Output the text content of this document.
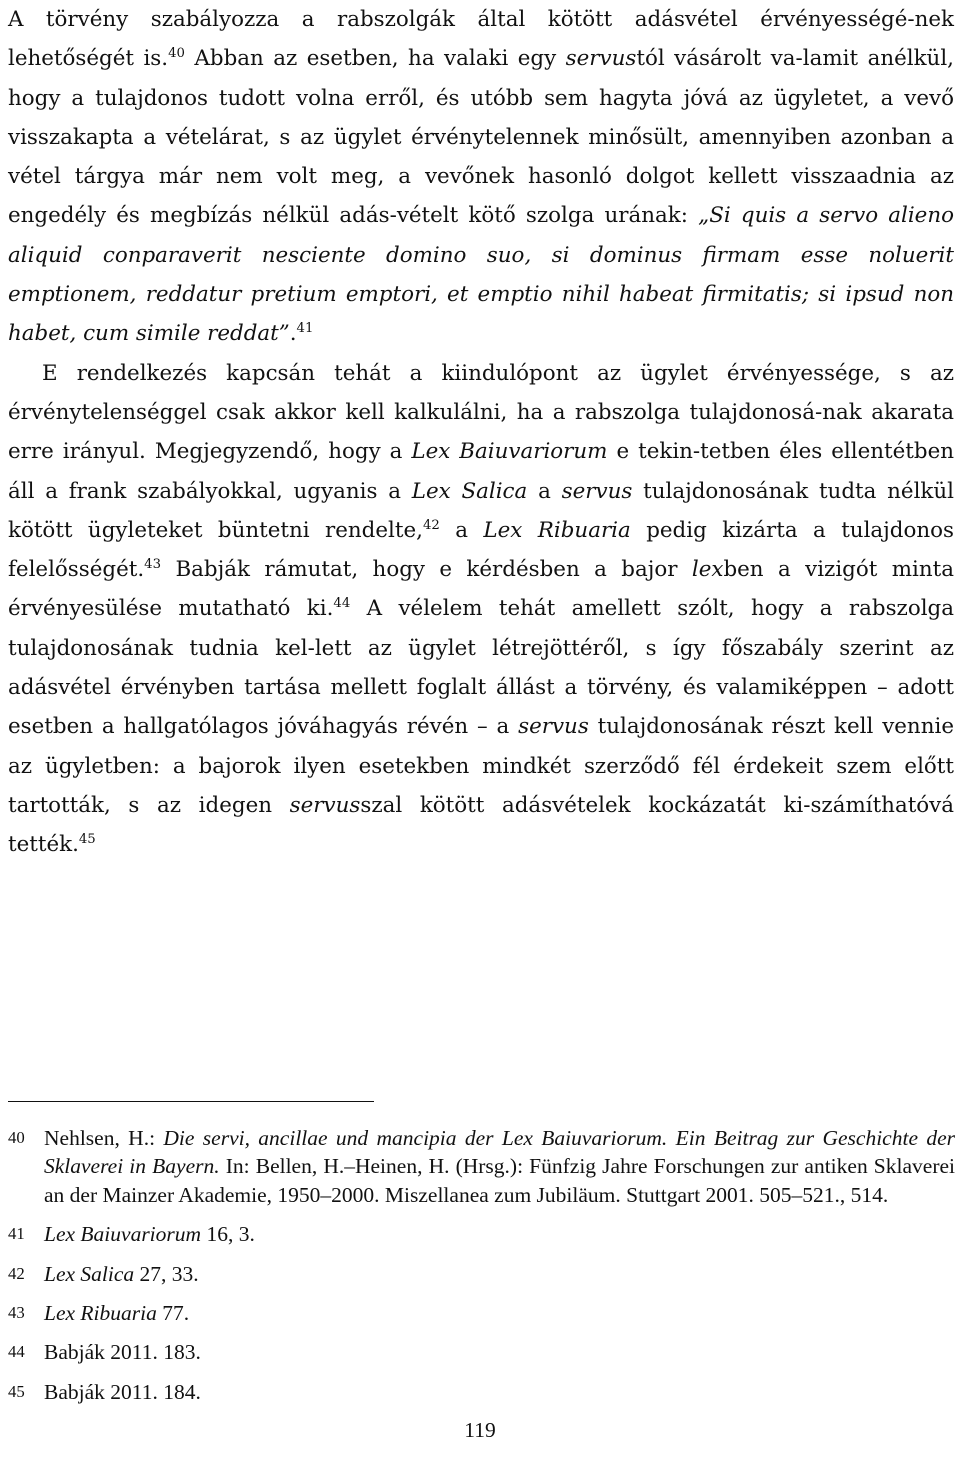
A törvény szabályozza a rabszolgák által kötött adásvétel érvényességé-nek lehetőségét is.$^{40}$ Abban az esetben, ha valaki egy servustól vásárolt va-lamit anélkül, hogy a tulajdonos tudott volna erről, és utóbb sem hagyta jóvá az ügyletet, a vevő visszakapta a vételárat, s az ügylet érvénytelennek minősült, amennyiben azonban a vétel tárgya már nem volt meg, a vevőnek hasonló dolgot kellett visszaadnia az engedély és megbízás nélkül adás-vételt kötő szolga urának: „Si quis a servo alieno aliquid conparaverit nesciente domino suo, si dominus firmam esse noluerit emptionem, reddatur pretium emptori, et emptio nihil habeat firmitatis; si ipsud non habet, cum simile reddat”.$^{41}$

E rendelkezés kapcsán tehát a kiindulópont az ügylet érvényessége, s az érvénytelenséggel csak akkor kell kalkulálni, ha a rabszolga tulajdonosá-nak akarata erre irányul. Megjegyzendő, hogy a Lex Baiuvariorum e tekin-tetben éles ellentétben áll a frank szabályokkal, ugyanis a Lex Salica a servus tulajdonosának tudta nélkül kötött ügyleteket büntetni rendelte,$^{42}$ a Lex Ribuaria pedig kizárta a tulajdonos felelősségét.$^{43}$ Babják rámutat, hogy e kérdésben a bajor lexben a vizigót minta érvényesülése mutatható ki.$^{44}$ A vélelem tehát amellett szólt, hogy a rabszolga tulajdonosának tudnia kel-lett az ügylet létrejöttéről, s így főszabály szerint az adásvétel érvényben tartása mellett foglalt állást a törvény, és valamiképpen – adott esetben a hallgatólagos jóváhagyás révén – a servus tulajdonosának részt kell vennie az ügyletben: a bajorok ilyen esetekben mindkét szerződő fél érdekeit szem előtt tartották, s az idegen servusszal kötött adásvételek kockázatát ki-számíthatóvá tették.$^{45}$

$^{40}$ Nehlsen, H.: Die servi, ancillae und mancipia der Lex Baiuvariorum. Ein Beitrag zur Geschichte der Sklaverei in Bayern. In: Bellen, H.–Heinen, H. (Hrsg.): Fünfzig Jahre Forschungen zur antiken Sklaverei an der Mainzer Akademie, 1950–2000. Miszellanea zum Jubiläum. Stuttgart 2001. 505–521., 514.
$^{41}$ Lex Baiuvariorum 16, 3.
$^{42}$ Lex Salica 27, 33.
$^{43}$ Lex Ribuaria 77.
$^{44}$ Babják 2011. 183.
$^{45}$ Babják 2011. 184.
119
